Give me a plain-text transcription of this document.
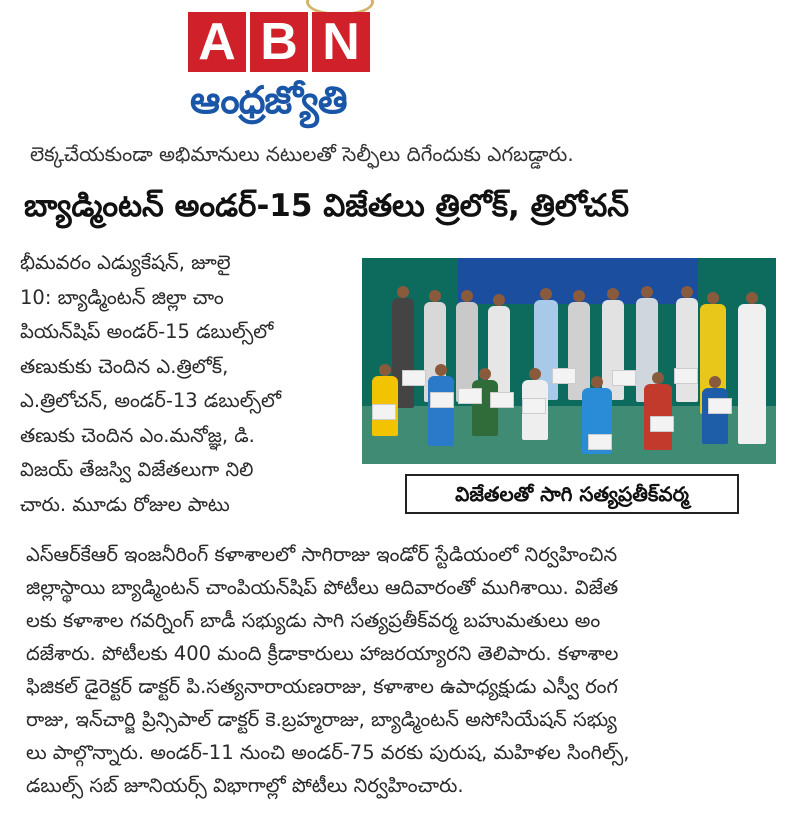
A B N
ఆంధ్రజ్యోతి
లెక్కచేయకుండా అభిమానులు నటులతో సెల్ఫీలు దిగేందుకు ఎగబడ్డారు.
బ్యాడ్మింటన్ అండర్-15 విజేతలు త్రిలోక్, త్రిలోచన్
భీమవరం ఎడ్యుకేషన్, జూలై
10: బ్యాడ్మింటన్ జిల్లా చాం
పియన్‌షిప్ అండర్-15 డబుల్స్‌లో
తణుకుకు చెందిన ఎ.త్రిలోక్,
ఎ.త్రిలోచన్, అండర్-13 డబుల్స్‌లో
తణుకు చెందిన ఎం.మనోజ్ఞ, డి.
విజయ్ తేజస్వి విజేతలుగా నిలి
చారు. మూడు రోజుల పాటు	విజేతలతో సాగి సత్యప్రతీక్‌వర్మ
ఎస్‌ఆర్‌కేఆర్ ఇంజనీరింగ్ కళాశాలలో సాగిరాజు ఇండోర్ స్టేడియంలో నిర్వహించిన
జిల్లాస్థాయి బ్యాడ్మింటన్ చాంపియన్‌షిప్ పోటీలు ఆదివారంతో ముగిశాయి. విజేత
లకు కళాశాల గవర్నింగ్ బాడీ సభ్యుడు సాగి సత్యప్రతీక్‌వర్మ బహుమతులు అం
దజేశారు. పోటీలకు 400 మంది క్రీడాకారులు హాజరయ్యారని తెలిపారు. కళాశాల
ఫిజికల్ డైరెక్టర్ డాక్టర్ పి.సత్యనారాయణరాజు, కళాశాల ఉపాధ్యక్షుడు ఎస్వీ రంగ
రాజు, ఇన్‌చార్జి ప్రిన్సిపాల్ డాక్టర్ కె.బ్రహ్మరాజు, బ్యాడ్మింటన్ అసోసియేషన్ సభ్యు
లు పాల్గొన్నారు. అండర్-11 నుంచి అండర్-75 వరకు పురుష, మహిళల సింగిల్స్,
డబుల్స్ సబ్ జూనియర్స్ విభాగాల్లో పోటీలు నిర్వహించారు.
